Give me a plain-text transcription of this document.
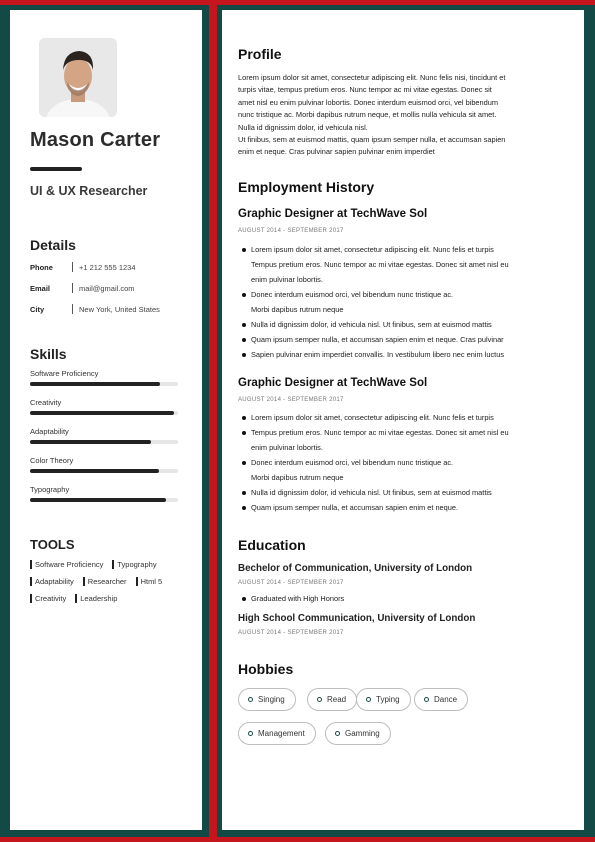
Mason Carter
UI & UX Researcher
Details
Phone	+1 212 555 1234
Email	mail@gmail.com
City	New York, United States
Skills
Software Proficiency
Creativity
Adaptability
Color Theory
Typography
TOOLS
Software Proficiency	Typography
Adaptability	Researcher	Html 5
Creativity	Leadership
Profile
Lorem ipsum dolor sit amet, consectetur adipiscing elit. Nunc felis nisi, tincidunt et
turpis vitae, tempus pretium eros. Nunc tempor ac mi vitae egestas. Donec sit
amet nisl eu enim pulvinar lobortis. Donec interdum euismod orci, vel bibendum
nunc tristique ac. Morbi dapibus rutrum neque, et mollis nulla vehicula sit amet.
Nulla id dignissim dolor, id vehicula nisl.
Ut finibus, sem at euismod mattis, quam ipsum semper nulla, et accumsan sapien
enim et neque. Cras pulvinar sapien pulvinar enim imperdiet
Employment History
Graphic Designer at TechWave Sol
AUGUST 2014 - SEPTEMBER 2017
Lorem ipsum dolor sit amet, consectetur adipiscing elit. Nunc felis et turpis
Tempus pretium eros. Nunc tempor ac mi vitae egestas. Donec sit amet nisl eu
enim pulvinar lobortis.
Donec interdum euismod orci, vel bibendum nunc tristique ac.
Morbi dapibus rutrum neque
Nulla id dignissim dolor, id vehicula nisl. Ut finibus, sem at euismod mattis
Quam ipsum semper nulla, et accumsan sapien enim et neque. Cras pulvinar
Sapien pulvinar enim imperdiet convallis. In vestibulum libero nec enim luctus
Graphic Designer at TechWave Sol
AUGUST 2014 - SEPTEMBER 2017
Lorem ipsum dolor sit amet, consectetur adipiscing elit. Nunc felis et turpis
Tempus pretium eros. Nunc tempor ac mi vitae egestas. Donec sit amet nisl eu
enim pulvinar lobortis.
Donec interdum euismod orci, vel bibendum nunc tristique ac.
Morbi dapibus rutrum neque
Nulla id dignissim dolor, id vehicula nisl. Ut finibus, sem at euismod mattis
Quam ipsum semper nulla, et accumsan sapien enim et neque.
Education
Bechelor of Communication, University of London
AUGUST 2014 - SEPTEMBER 2017
Graduated with High Honors
High School Communication, University of London
AUGUST 2014 - SEPTEMBER 2017
Hobbies
Singing	Read	Typing	Dance
Management	Gamming
